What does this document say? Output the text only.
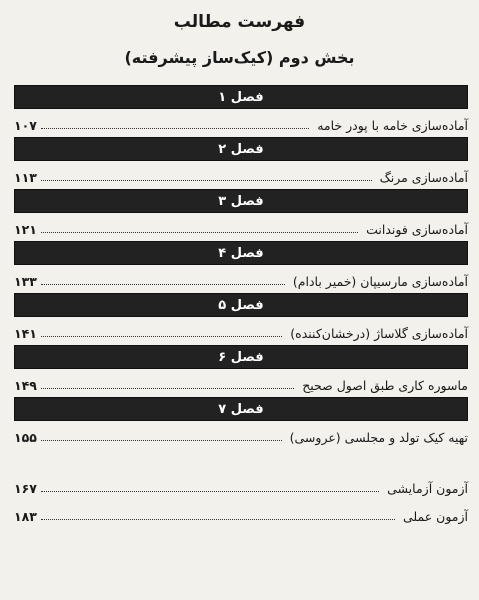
فهرست مطالب
بخش دوم (کیک‌ساز پیشرفته)
فصل ۱
آماده‌سازی خامه با پودر خامه
۱۰۷
فصل ۲
آماده‌سازی مرنگ
۱۱۳
فصل ۳
آماده‌سازی فوندانت
۱۲۱
فصل ۴
آماده‌سازی مارسیپان (خمیر بادام)
۱۳۳
فصل ۵
آماده‌سازی گلاساژ (درخشان‌کننده)
۱۴۱
فصل ۶
ماسوره کاری طبق اصول صحیح
۱۴۹
فصل ۷
تهیه کیک تولد و مجلسی (عروسی)
۱۵۵
آزمون آزمایشی
۱۶۷
آزمون عملی
۱۸۳
